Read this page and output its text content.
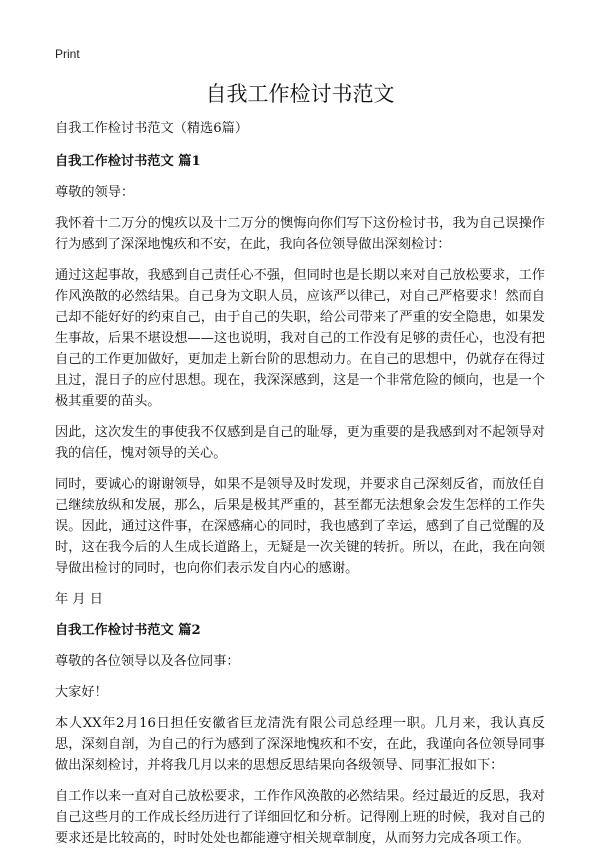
Print
自我工作检讨书范文

自我工作检讨书范文（精选6篇）

自我工作检讨书范文 篇1

尊敬的领导：

我怀着十二万分的愧疚以及十二万分的懊悔向你们写下这份检讨书，我为自己误操作行为感到了深深地愧疚和不安，在此，我向各位领导做出深刻检讨：

通过这起事故，我感到自己责任心不强，但同时也是长期以来对自己放松要求，工作作风涣散的必然结果。自己身为文职人员，应该严以律己，对自己严格要求！然而自己却不能好好的约束自己，由于自己的失职，给公司带来了严重的安全隐患，如果发生事故，后果不堪设想——这也说明，我对自己的工作没有足够的责任心，也没有把自己的工作更加做好，更加走上新台阶的思想动力。在自己的思想中，仍就存在得过且过，混日子的应付思想。现在，我深深感到，这是一个非常危险的倾向，也是一个极其重要的苗头。

因此，这次发生的事使我不仅感到是自己的耻辱，更为重要的是我感到对不起领导对我的信任，愧对领导的关心。

同时，要诚心的谢谢领导，如果不是领导及时发现，并要求自己深刻反省，而放任自己继续放纵和发展，那么，后果是极其严重的，甚至都无法想象会发生怎样的工作失误。因此，通过这件事，在深感痛心的同时，我也感到了幸运，感到了自己觉醒的及时，这在我今后的人生成长道路上，无疑是一次关键的转折。所以，在此，我在向领导做出检讨的同时，也向你们表示发自内心的感谢。

年 月 日

自我工作检讨书范文 篇2

尊敬的各位领导以及各位同事：

大家好！

本人XX年2月16日担任安徽省巨龙清洗有限公司总经理一职。几月来，我认真反思，深刻自剖，为自己的行为感到了深深地愧疚和不安，在此，我谨向各位领导同事做出深刻检讨，并将我几月以来的思想反思结果向各级领导、同事汇报如下：

自工作以来一直对自己放松要求，工作作风涣散的必然结果。经过最近的反思，我对自己这些月的工作成长经历进行了详细回忆和分析。记得刚上班的时候，我对自己的要求还是比较高的，时时处处也都能遵守相关规章制度，从而努力完成各项工作。
